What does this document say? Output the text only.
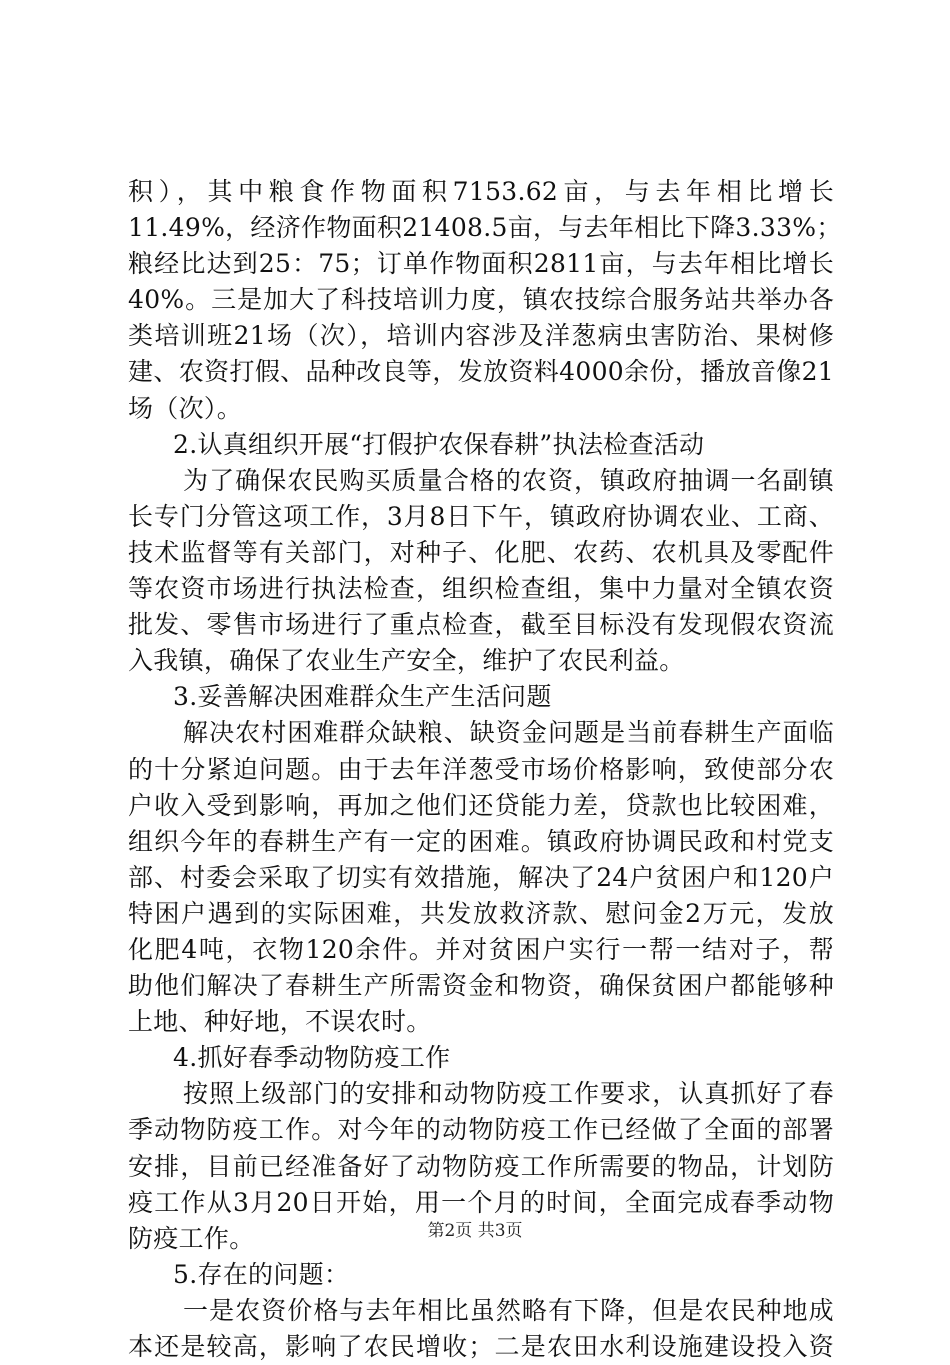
积），其中粮食作物面积7153.62亩，与去年相比增长
11.49%，经济作物面积21408.5亩，与去年相比下降3.33%；
粮经比达到25：75；订单作物面积2811亩，与去年相比增长
40%。三是加大了科技培训力度，镇农技综合服务站共举办各
类培训班21场（次），培训内容涉及洋葱病虫害防治、果树修
建、农资打假、品种改良等，发放资料4000余份，播放音像21
场（次）。
2.认真组织开展“打假护农保春耕”执法检查活动
为了确保农民购买质量合格的农资，镇政府抽调一名副镇
长专门分管这项工作，3月8日下午，镇政府协调农业、工商、
技术监督等有关部门，对种子、化肥、农药、农机具及零配件
等农资市场进行执法检查，组织检查组，集中力量对全镇农资
批发、零售市场进行了重点检查，截至目标没有发现假农资流
入我镇，确保了农业生产安全，维护了农民利益。
3.妥善解决困难群众生产生活问题
解决农村困难群众缺粮、缺资金问题是当前春耕生产面临
的十分紧迫问题。由于去年洋葱受市场价格影响，致使部分农
户收入受到影响，再加之他们还贷能力差，贷款也比较困难，
组织今年的春耕生产有一定的困难。镇政府协调民政和村党支
部、村委会采取了切实有效措施，解决了24户贫困户和120户
特困户遇到的实际困难，共发放救济款、慰问金2万元，发放
化肥4吨，衣物120余件。并对贫困户实行一帮一结对子，帮
助他们解决了春耕生产所需资金和物资，确保贫困户都能够种
上地、种好地，不误农时。
4.抓好春季动物防疫工作
按照上级部门的安排和动物防疫工作要求，认真抓好了春
季动物防疫工作。对今年的动物防疫工作已经做了全面的部署
安排，目前已经准备好了动物防疫工作所需要的物品，计划防
疫工作从3月20日开始，用一个月的时间，全面完成春季动物
防疫工作。
5.存在的问题：
一是农资价格与去年相比虽然略有下降，但是农民种地成
本还是较高，影响了农民增收；二是农田水利设施建设投入资
第2页 共3页
